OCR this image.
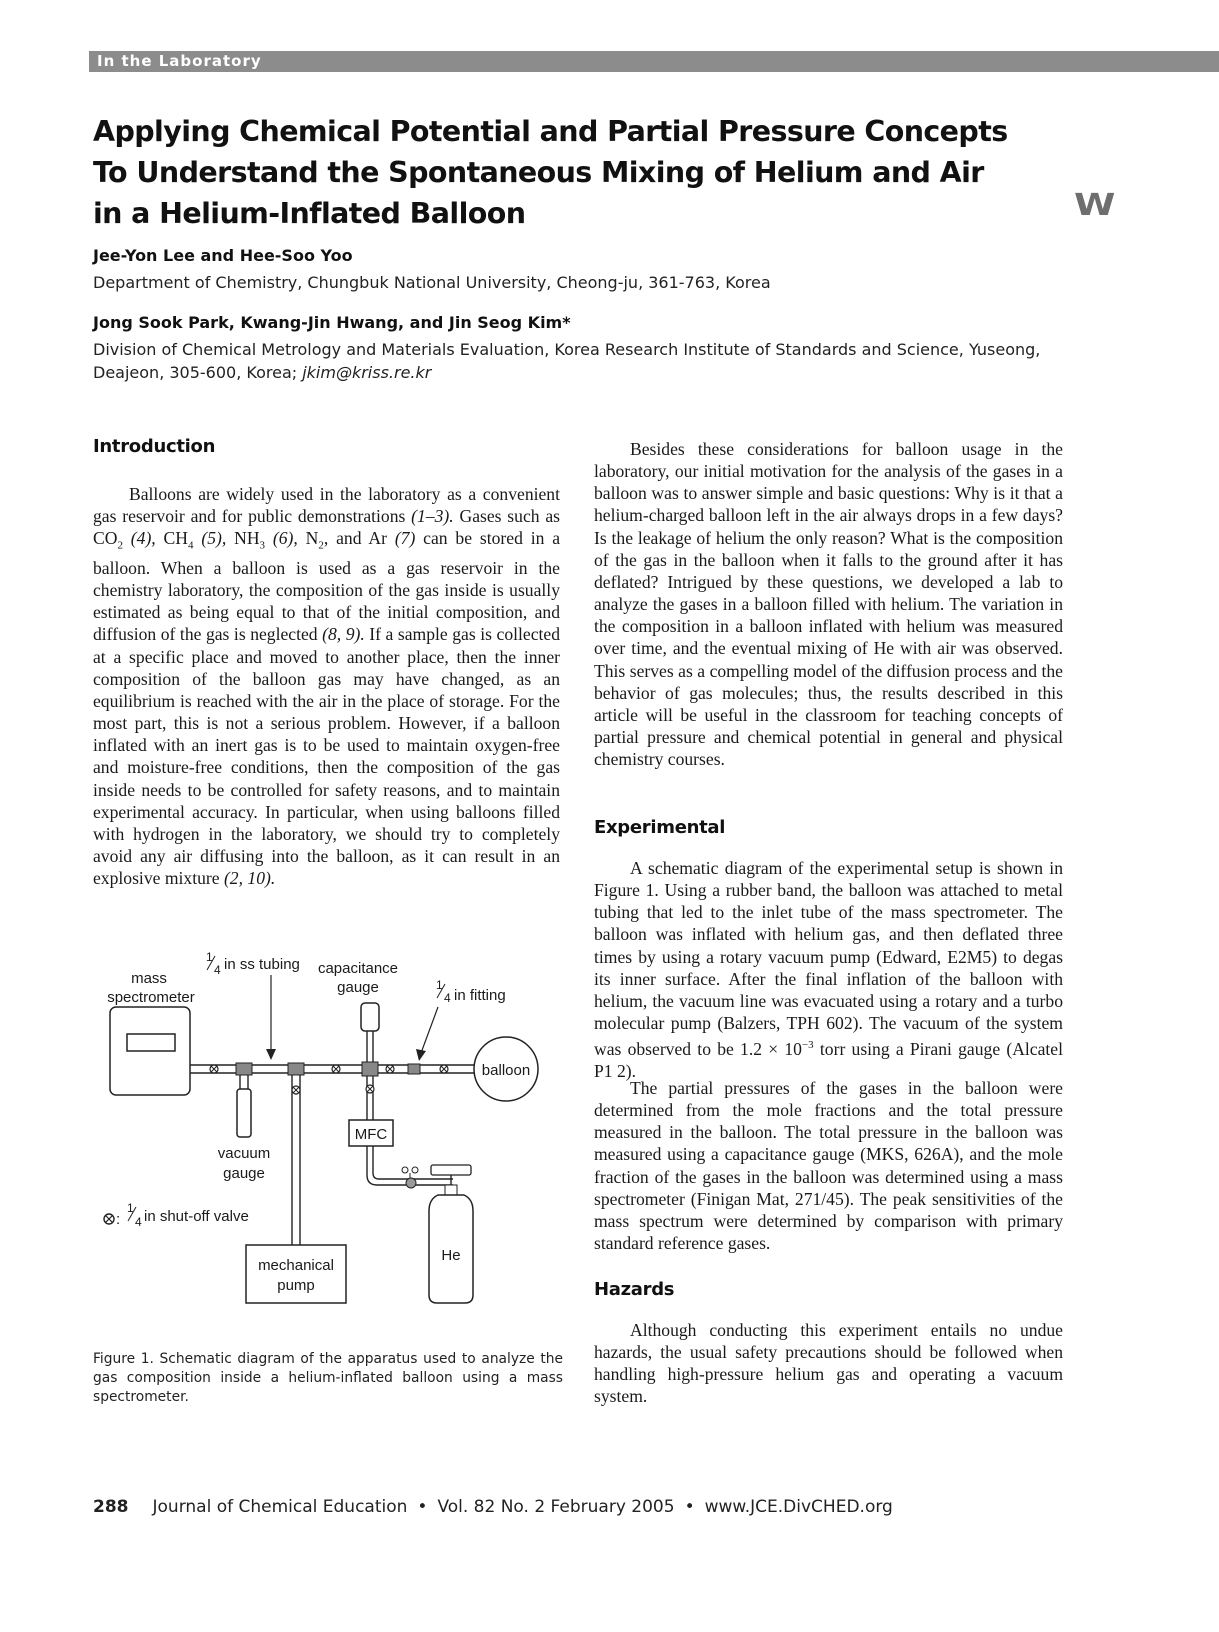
In the Laboratory
Applying Chemical Potential and Partial Pressure Concepts
To Understand the Spontaneous Mixing of Helium and Air
in a Helium-Inflated Balloon	W
Jee-Yon Lee and Hee-Soo Yoo
Department of Chemistry, Chungbuk National University, Cheong-ju, 361-763, Korea
Jong Sook Park, Kwang-Jin Hwang, and Jin Seog Kim*
Division of Chemical Metrology and Materials Evaluation, Korea Research Institute of Standards and Science, Yuseong,
Deajeon, 305-600, Korea; jkim@kriss.re.kr
Introduction

Balloons are widely used in the laboratory as a convenient gas reservoir and for public demonstrations (1–3). Gases such as $CO_2$ (4), $CH_4$ (5), $NH_3$ (6), $N_2$, and Ar (7) can be stored in a balloon. When a balloon is used as a gas reservoir in the chemistry laboratory, the composition of the gas inside is usually estimated as being equal to that of the initial composition, and diffusion of the gas is neglected (8, 9). If a sample gas is collected at a specific place and moved to another place, then the inner composition of the balloon gas may have changed, as an equilibrium is reached with the air in the place of storage. For the most part, this is not a serious problem. However, if a balloon inflated with an inert gas is to be used to maintain oxygen-free and moisture-free conditions, then the composition of the gas inside needs to be controlled for safety reasons, and to maintain experimental accuracy. In particular, when using balloons filled with hydrogen in the laboratory, we should try to completely avoid any air diffusing into the balloon, as it can result in an explosive mixture (2, 10).

mass
spectrometer
balloon
vacuum
gauge
mechanical
pump
capacitance
gauge
MFC
He
1
4 in ss tubing
1
4 in fitting
:
1
4 in shut-off valve
Figure 1. Schematic diagram of the apparatus used to analyze the gas composition inside a helium-inflated balloon using a mass spectrometer.

Besides these considerations for balloon usage in the laboratory, our initial motivation for the analysis of the gases in a balloon was to answer simple and basic questions: Why is it that a helium-charged balloon left in the air always drops in a few days? Is the leakage of helium the only reason? What is the composition of the gas in the balloon when it falls to the ground after it has deflated? Intrigued by these questions, we developed a lab to analyze the gases in a balloon filled with helium. The variation in the composition in a balloon inflated with helium was measured over time, and the eventual mixing of He with air was observed. This serves as a compelling model of the diffusion process and the behavior of gas molecules; thus, the results described in this article will be useful in the classroom for teaching concepts of partial pressure and chemical potential in general and physical chemistry courses.

Experimental

A schematic diagram of the experimental setup is shown in Figure 1. Using a rubber band, the balloon was attached to metal tubing that led to the inlet tube of the mass spectrometer. The balloon was inflated with helium gas, and then deflated three times by using a rotary vacuum pump (Edward, E2M5) to degas its inner surface. After the final inflation of the balloon with helium, the vacuum line was evacuated using a rotary and a turbo molecular pump (Balzers, TPH 602). The vacuum of the system was observed to be $1.2 \times 10^{-3}$ torr using a Pirani gauge (Alcatel P1 2).

The partial pressures of the gases in the balloon were determined from the mole fractions and the total pressure measured in the balloon. The total pressure in the balloon was measured using a capacitance gauge (MKS, 626A), and the mole fraction of the gases in the balloon was determined using a mass spectrometer (Finigan Mat, 271/45). The peak sensitivities of the mass spectrum were determined by comparison with primary standard reference gases.

Hazards

Although conducting this experiment entails no undue hazards, the usual safety precautions should be followed when handling high-pressure helium gas and operating a vacuum system.

288 Journal of Chemical Education • Vol. 82 No. 2 February 2005 • www.JCE.DivCHED.org
